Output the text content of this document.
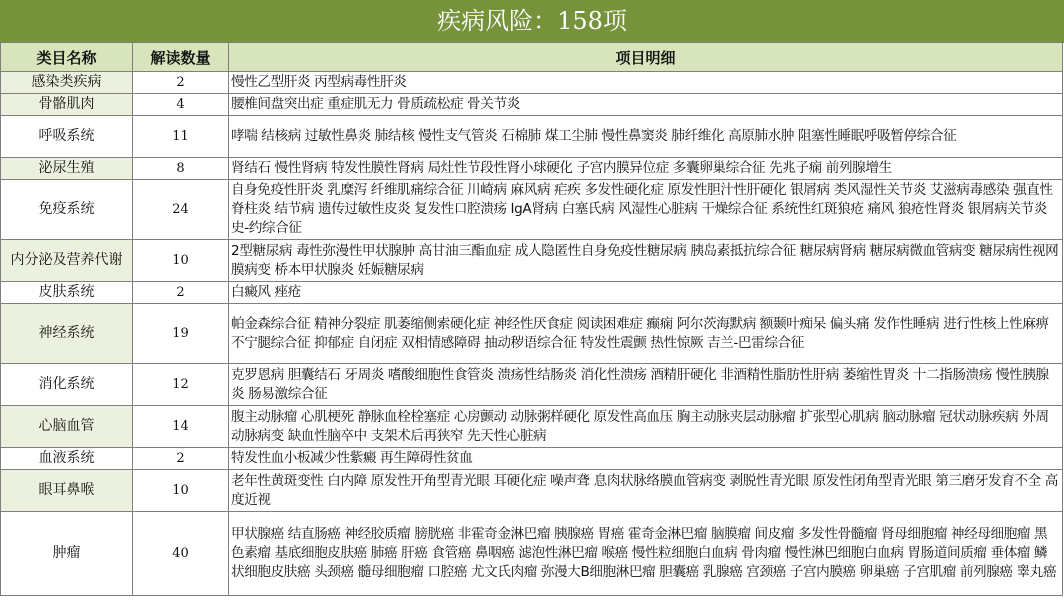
疾病风险：158项
类目名称	解读数量	项目明细
感染类疾病	2	慢性乙型肝炎 丙型病毒性肝炎
骨骼肌肉	4	腰椎间盘突出症 重症肌无力 骨质疏松症 骨关节炎
呼吸系统	11	哮喘 结核病 过敏性鼻炎 肺结核 慢性支气管炎 石棉肺 煤工尘肺 慢性鼻窦炎 肺纤维化 高原肺水肿 阻塞性睡眠呼吸暂停综合征
泌尿生殖	8	肾结石 慢性肾病 特发性膜性肾病 局灶性节段性肾小球硬化 子宫内膜异位症 多囊卵巢综合征 先兆子痫 前列腺增生
免疫系统	24	自身免疫性肝炎 乳糜泻 纤维肌痛综合征 川崎病 麻风病 疟疾 多发性硬化症 原发性胆汁性肝硬化 银屑病 类风湿性关节炎 艾滋病毒感染 强直性脊柱炎 结节病 遗传过敏性皮炎 复发性口腔溃疡 IgA肾病 白塞氏病 风湿性心脏病 干燥综合征 系统性红斑狼疮 痛风 狼疮性肾炎 银屑病关节炎 史-约综合征
内分泌及营养代谢	10	2型糖尿病 毒性弥漫性甲状腺肿 高甘油三酯血症 成人隐匿性自身免疫性糖尿病 胰岛素抵抗综合征 糖尿病肾病 糖尿病微血管病变 糖尿病性视网膜病变 桥本甲状腺炎 妊娠糖尿病
皮肤系统	2	白癜风 痤疮
神经系统	19	帕金森综合征 精神分裂症 肌萎缩侧索硬化症 神经性厌食症 阅读困难症 癫痫 阿尔茨海默病 额颞叶痴呆 偏头痛 发作性睡病 进行性核上性麻痹 不宁腿综合征 抑郁症 自闭症 双相情感障碍 抽动秽语综合征 特发性震颤 热性惊厥 吉兰-巴雷综合征
消化系统	12	克罗恩病 胆囊结石 牙周炎 嗜酸细胞性食管炎 溃疡性结肠炎 消化性溃疡 酒精肝硬化 非酒精性脂肪性肝病 萎缩性胃炎 十二指肠溃疡 慢性胰腺炎 肠易激综合征
心脑血管	14	腹主动脉瘤 心肌梗死 静脉血栓栓塞症 心房颤动 动脉粥样硬化 原发性高血压 胸主动脉夹层动脉瘤 扩张型心肌病 脑动脉瘤 冠状动脉疾病 外周动脉病变 缺血性脑卒中 支架术后再狭窄 先天性心脏病
血液系统	2	特发性血小板减少性紫癜 再生障碍性贫血
眼耳鼻喉	10	老年性黄斑变性 白内障 原发性开角型青光眼 耳硬化症 噪声聋 息肉状脉络膜血管病变 剥脱性青光眼 原发性闭角型青光眼 第三磨牙发育不全 高度近视
肿瘤	40	甲状腺癌 结直肠癌 神经胶质瘤 膀胱癌 非霍奇金淋巴瘤 胰腺癌 胃癌 霍奇金淋巴瘤 脑膜瘤 间皮瘤 多发性骨髓瘤 肾母细胞瘤 神经母细胞瘤 黑色素瘤 基底细胞皮肤癌 肺癌 肝癌 食管癌 鼻咽癌 滤泡性淋巴瘤 喉癌 慢性粒细胞白血病 骨肉瘤 慢性淋巴细胞白血病 胃肠道间质瘤 垂体瘤 鳞状细胞皮肤癌 头颈癌 髓母细胞瘤 口腔癌 尤文氏肉瘤 弥漫大B细胞淋巴瘤 胆囊癌 乳腺癌 宫颈癌 子宫内膜癌 卵巢癌 子宫肌瘤 前列腺癌 睾丸癌
